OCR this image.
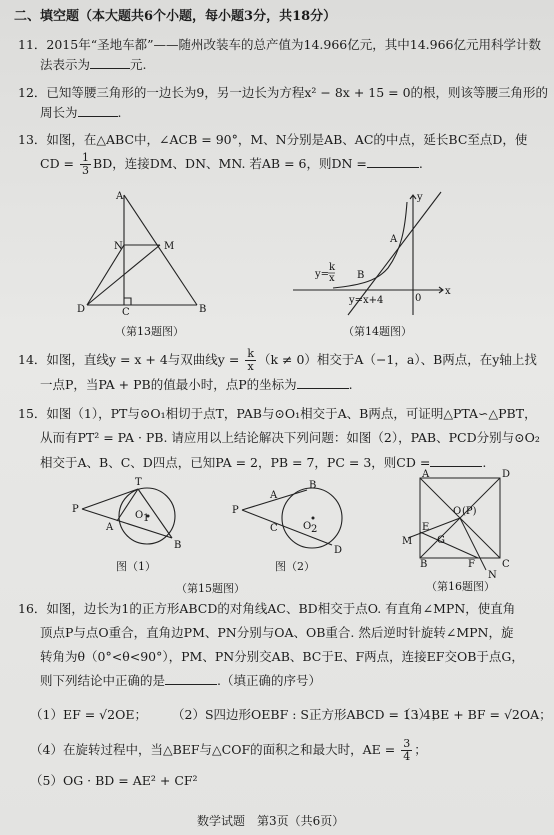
二、填空题（本大题共6个小题，每小题3分，共18分）
11．2015年“圣地车都”——随州改装车的总产值为14.966亿元，其中14.966亿元用科学计数
法表示为	元.
12．已知等腰三角形的一边长为9，另一边长为方程x² − 8x + 15 = 0的根，则该等腰三角形的
周长为	.
13．如图，在△ABC中，∠ACB = 90°，M、N分别是AB、AC的中点，延长BC至点D，使
CD = $\frac{1}{3}$ BD，连接DM、DN、MN. 若AB = 6，则DN =	.
A
N	M
D	C	B
（第13题图）
y
x
A
B
0
y=
k
x
y=x+4
（第14题图）
14．如图，直线y = x + 4与双曲线$y = \frac{k}{x} (k \ne 0)$相交于A（−1，a）、B两点，在y轴上找
一点P，当PA + PB的值最小时，点P的坐标为	.
15．如图（1），PT与⊙O₁相切于点T，PAB与⊙O₁相交于A、B两点，可证明△PTA∽△PBT，
从而有PT² = PA · PB. 请应用以上结论解决下列问题：如图（2），PAB、PCD分别与⊙O₂
相交于A、B、C、D四点，已知PA = 2，PB = 7，PC = 3，则CD =	.
P
T
A
B
O 1
图（1）
P
A
B
C
D
O 2
图（2）
（第15题图）
A	D
B	C
O (P)
E
F
G
M
N
（第16题图）
16．如图，边长为1的正方形ABCD的对角线AC、BD相交于点O. 有直角∠MPN，使直角
顶点P与点O重合，直角边PM、PN分别与OA、OB重合. 然后逆时针旋转∠MPN，旋
转角为θ（0°<θ<90°），PM、PN分别交AB、BC于E、F两点，连接EF交OB于点G，
则下列结论中正确的是	.（填正确的序号）
（1）EF = √2OE； （2）S四边形OEBF : S正方形ABCD = 1 : 4；
（3）BE + BF = √2OA；
（4）在旋转过程中，当△BEF与△COF的面积之和最大时，AE = $\frac{3}{4}$ ；
（5）OG · BD = AE² + CF²
数学试题　第3页（共6页）
